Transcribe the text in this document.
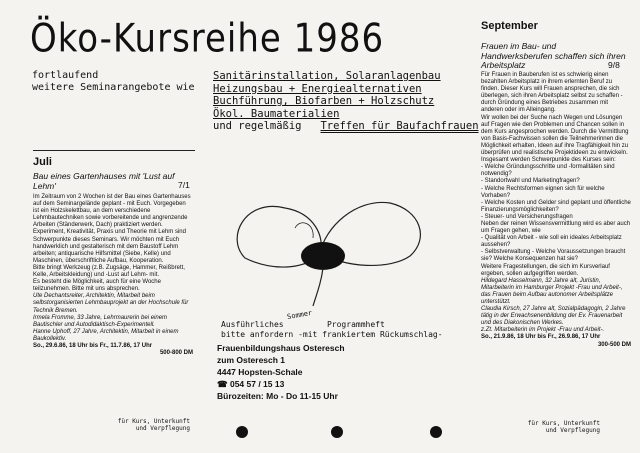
Öko-Kursreihe 1986
fortlaufend
weitere Seminarangebote wie
Sanitärinstallation, Solaranlagenbau
Heizungsbau + Energiealternativen
Buchführung, Biofarben + Holzschutz
Ökol. Baumaterialien
und regelmäßig Treffen für Baufachfrauen
Juli
Bau eines Gartenhauses mit 'Lust auf Lehm'	7/1

Im Zeitraum von 2 Wochen ist der Bau eines Gartenhauses auf dem Seminargelände geplant - mit Euch. Vorgegeben ist ein Holzskelettbau, an dem verschiedene Lehmbautechniken sowie vorbereitende und angrenzende Arbeiten (Ständerwerk, Dach) praktiziert werden.

Experiment, Kreativität, Praxis und Theorie mit Lehm sind Schwerpunkte dieses Seminars. Wir möchten mit Euch handwerklich und gestalterisch mit dem Baustoff Lehm arbeiten; antiquarische Hilfsmittel (Siebe, Kelle) und Maschinen, überschriftliche Aufbau, Kooperation.

Bitte bringt Werkzeug (z.B. Zugsäge, Hammer, Reißbrett, Kelle, Arbeitskleidung) und -Lust auf Lehm- mit.

Es besteht die Möglichkeit, auch für eine Woche teilzunehmen. Bitte mit uns absprechen.

Ute Dechantsreiter, Architektin, Mitarbeit beim selbstorganisierten Lehmbauprojekt an der Hochschule für Technik Bremen.

Irmela Fromme, 33 Jahre, Lehrmaurerin bei einem Bautischler und Autodidaktisch-Experimentell.

Hanne Uphoff, 27 Jahre, Architektin, Mitarbeit in einem Baukollektiv.

So., 29.6.86, 18 Uhr bis Fr., 11.7.86, 17 Uhr

500-800 DM

für Kurs, Unterkunft
und Verpflegung
September
Frauen im Bau- und Handwerksberufen schaffen sich ihren Arbeitsplatz	9/8

Für Frauen in Bauberufen ist es schwierig einen bezahlten Arbeitsplatz in ihrem erlernten Beruf zu finden. Dieser Kurs will Frauen ansprechen, die sich überlegen, sich ihren Arbeitsplatz selbst zu schaffen - durch Gründung eines Betriebes zusammen mit anderen oder im Alleingang.

Wir wollen bei der Suche nach Wegen und Lösungen auf Fragen wie den Problemen und Chancen sollen in dem Kurs angesprochen werden. Durch die Vermittlung von Basis-Fachwissen sollen die Teilnehmerinnen die Möglichkeit erhalten, Ideen auf ihre Tragfähigkeit hin zu überprüfen und realistische Projektideen zu entwickeln.

Insgesamt werden Schwerpunkte des Kurses sein:

- Welche Gründungsschritte und -formalitäten sind notwendig?

- Standortwahl und Marketingfragen?

- Welche Rechtsformen eignen sich für welche Vorhaben?

- Welche Kosten und Gelder sind geplant und öffentliche Finanzierungsmöglichkeiten?

- Steuer- und Versicherungsfragen

Neben der reinen Wissensvermittlung wird es aber auch um Fragen gehen, wie

- Qualität von Arbeit - wie soll ein ideales Arbeitsplatz aussehen?

- Selbstverwaltung - Welche Voraussetzungen braucht sie? Welche Konsequenzen hat sie?

Weitere Fragestellungen, die sich im Kursverlauf ergeben, sollen aufgegriffen werden.

Hildegard Hasselmann, 32 Jahre alt, Juristin, Mitarbeiterin im Hamburger Projekt -Frau und Arbeit-, das Frauen beim Aufbau autonomer Arbeitsplätze unterstützt.

Claudia Kirsch, 27 Jahre alt, Sozialpädagogin, 2 Jahre tätig in der Erwachsenenbildung der Ev. Frauenarbeit und des Diakonischen Werkes.

z.Zt. Mitarbeiterin im Projekt -Frau und Arbeit-.

So., 21.9.86, 18 Uhr bis Fr., 26.9.86, 17 Uhr

300-500 DM

für Kurs, Unterkunft
und Verpflegung
Sommer
Ausführliches	Programmheft
bitte anfordern -mit frankiertem Rückumschlag-
Frauenbildungshaus Osteresch
zum Osteresch 1
4447 Hopsten-Schale
☎ 054 57 / 15 13
Bürozeiten: Mo - Do 11-15 Uhr
